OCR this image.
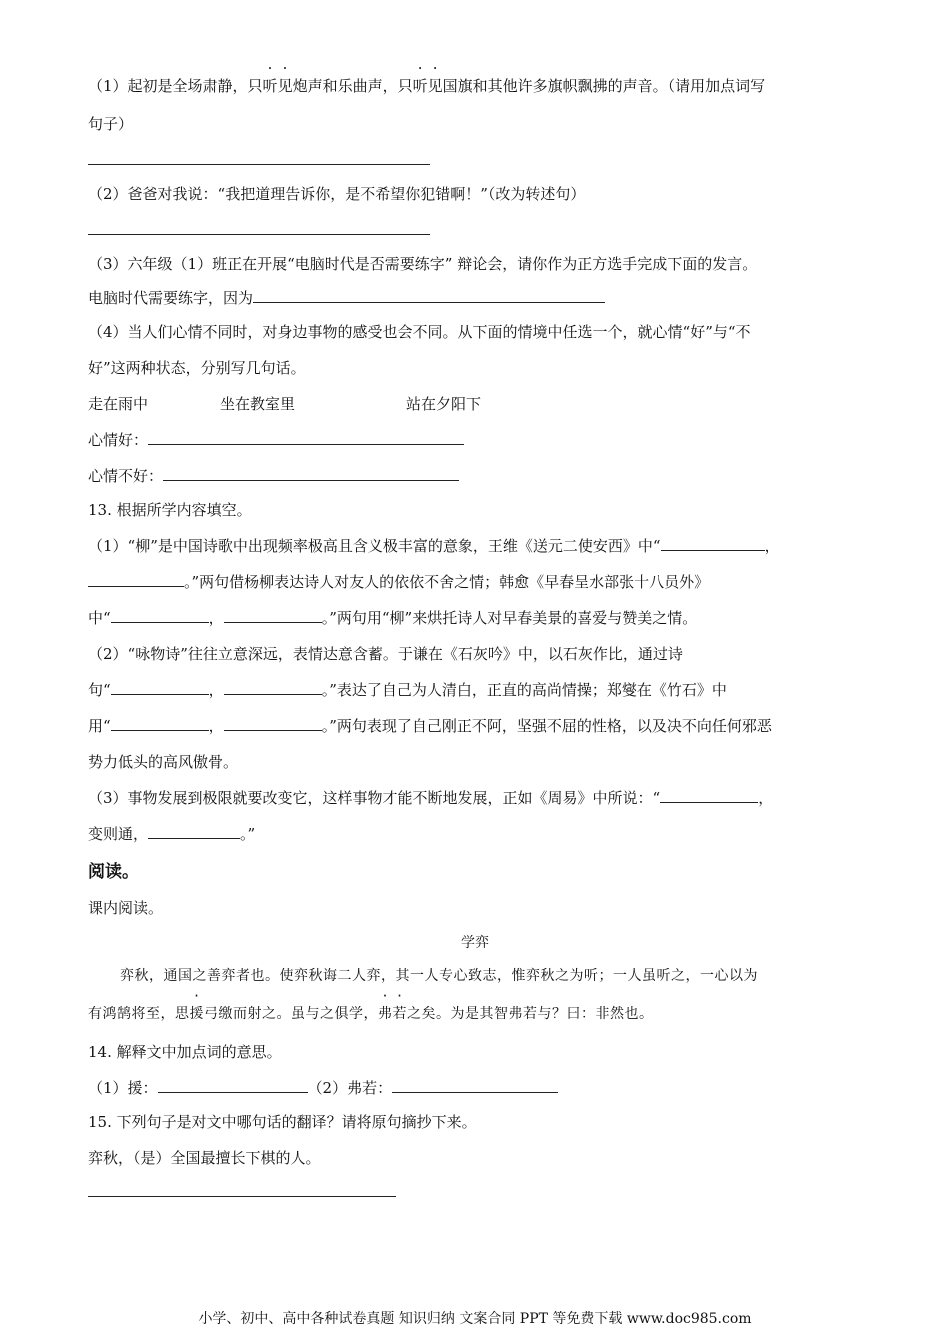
（1）起初是全场肃静，只听见炮声和乐曲声，只听见国旗和其他许多旗帜飘拂的声音。（请用加点词写
句子）
（2）爸爸对我说：“我把道理告诉你，是不希望你犯错啊！”（改为转述句）
（3）六年级（1）班正在开展“电脑时代是否需要练字” 辩论会，请你作为正方选手完成下面的发言。
电脑时代需要练字，因为
（4）当人们心情不同时，对身边事物的感受也会不同。从下面的情境中任选一个，就心情“好”与“不
好”这两种状态，分别写几句话。
走在雨中	坐在教室里	站在夕阳下
心情好：
心情不好：
13. 根据所学内容填空。
（1）“柳”是中国诗歌中出现频率极高且含义极丰富的意象，王维《送元二使安西》中“	，
。”两句借杨柳表达诗人对友人的依依不舍之情；韩愈《早春呈水部张十八员外》
中“	，	。”两句用“柳”来烘托诗人对早春美景的喜爱与赞美之情。
（2）“咏物诗”往往立意深远，表情达意含蓄。于谦在《石灰吟》中，以石灰作比，通过诗
句“	，	。”表达了自己为人清白，正直的高尚情操；郑燮在《竹石》中
用“	，	。”两句表现了自己刚正不阿，坚强不屈的性格，以及决不向任何邪恶
势力低头的高风傲骨。
（3）事物发展到极限就要改变它，这样事物才能不断地发展，正如《周易》中所说：“	，
变则通，	。”
阅读。
课内阅读。
学弈
弈秋，通国之善弈者也。使弈秋诲二人弈，其一人专心致志，惟弈秋之为听；一人虽听之，一心以为
有鸿鹄将至，思援弓缴而射之。虽与之俱学，弗若之矣。为是其智弗若与？曰：非然也。
14. 解释文中加点词的意思。
（1）援：	（2）弗若：
15. 下列句子是对文中哪句话的翻译？请将原句摘抄下来。
弈秋，（是）全国最擅长下棋的人。
小学、初中、高中各种试卷真题 知识归纳 文案合同 PPT 等免费下载 www.doc985.com
